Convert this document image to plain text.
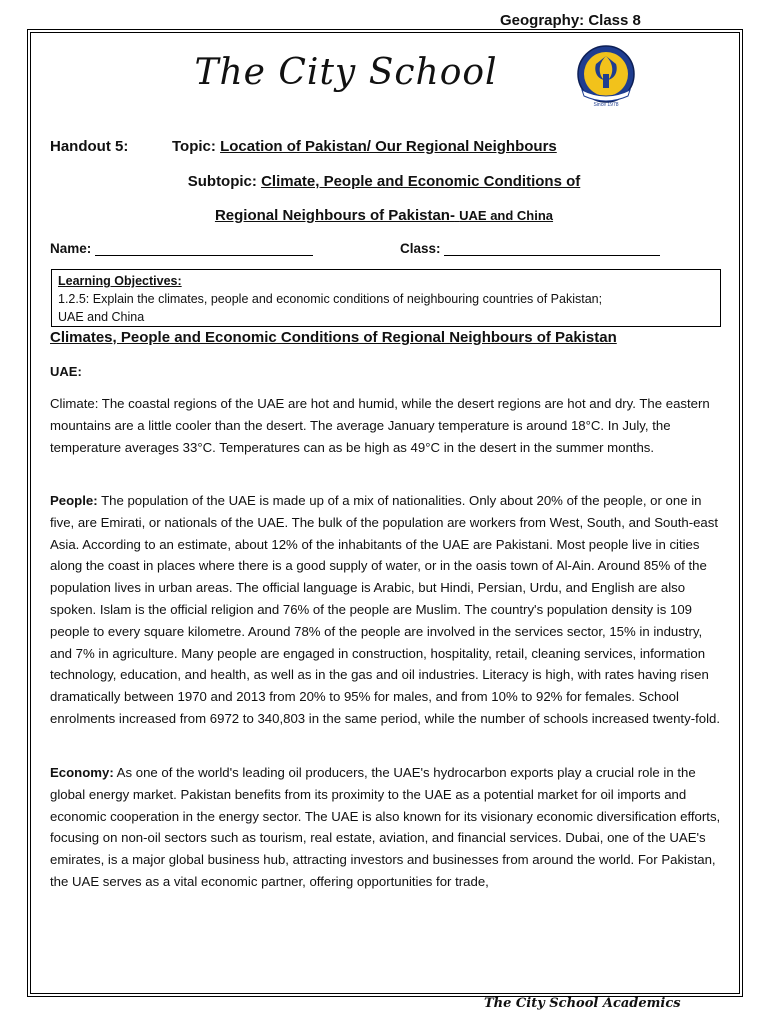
Geography: Class 8
The City School
Since 1978
Handout 5:	Topic: Location of Pakistan/ Our Regional Neighbours
Subtopic: Climate, People and Economic Conditions of
Regional Neighbours of Pakistan- UAE and China
Name:	Class:
Learning Objectives:
1.2.5: Explain the climates, people and economic conditions of neighbouring countries of Pakistan;
UAE and China
Climates, People and Economic Conditions of Regional Neighbours of Pakistan
UAE:
Climate: The coastal regions of the UAE are hot and humid, while the desert regions are hot and dry. The eastern mountains are a little cooler than the desert. The average January temperature is around 18°C. In July, the temperature averages 33°C. Temperatures can as be high as 49°C in the desert in the summer months.
People: The population of the UAE is made up of a mix of nationalities. Only about 20% of the people, or one in five, are Emirati, or nationals of the UAE. The bulk of the population are workers from West, South, and South-east Asia. According to an estimate, about 12% of the inhabitants of the UAE are Pakistani. Most people live in cities along the coast in places where there is a good supply of water, or in the oasis town of Al-Ain. Around 85% of the population lives in urban areas. The official language is Arabic, but Hindi, Persian, Urdu, and English are also spoken. Islam is the official religion and 76% of the people are Muslim. The country's population density is 109 people to every square kilometre. Around 78% of the people are involved in the services sector, 15% in industry, and 7% in agriculture. Many people are engaged in construction, hospitality, retail, cleaning services, information technology, education, and health, as well as in the gas and oil industries. Literacy is high, with rates having risen dramatically between 1970 and 2013 from 20% to 95% for males, and from 10% to 92% for females. School enrolments increased from 6972 to 340,803 in the same period, while the number of schools increased twenty-fold.
Economy: As one of the world's leading oil producers, the UAE's hydrocarbon exports play a crucial role in the global energy market. Pakistan benefits from its proximity to the UAE as a potential market for oil imports and economic cooperation in the energy sector. The UAE is also known for its visionary economic diversification efforts, focusing on non-oil sectors such as tourism, real estate, aviation, and financial services. Dubai, one of the UAE's emirates, is a major global business hub, attracting investors and businesses from around the world. For Pakistan, the UAE serves as a vital economic partner, offering opportunities for trade,
The City School Academics
